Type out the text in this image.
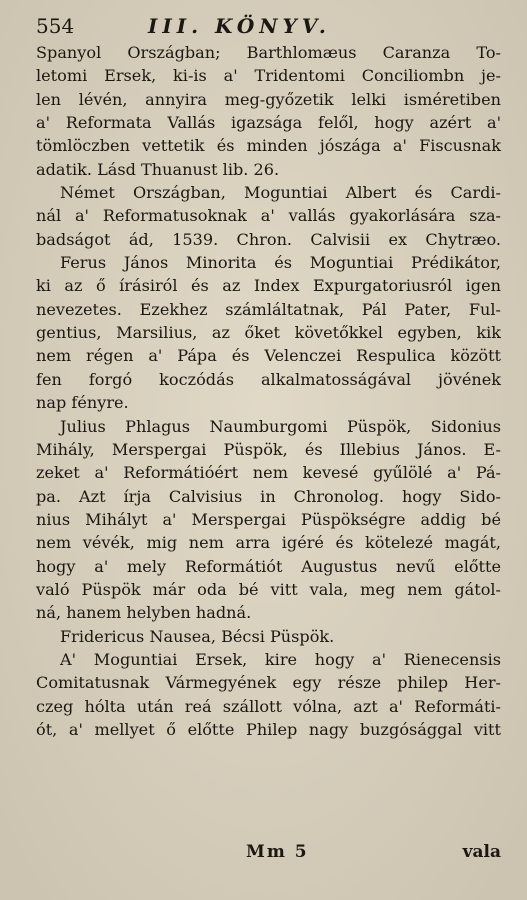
554	III. KÖNYV.
Spanyol Országban; Barthlomæus Caranza To-
letomi Ersek, ki-is a' Tridentomi Conciliombn je-
len lévén, annyira meg-győzetik lelki isméretiben
a' Reformata Vallás igazsága felől, hogy azért a'
tömlöczben vettetik és minden jószága a' Fiscusnak
adatik. Lásd Thuanust lib. 26.
Német Országban, Moguntiai Albert és Cardi-
nál a' Reformatusoknak a' vallás gyakorlására sza-
badságot ád, 1539. Chron. Calvisii ex Chytræo.
Ferus János Minorita és Moguntiai Prédikátor,
ki az ő írásiról és az Index Expurgatoriusról igen
nevezetes. Ezekhez számláltatnak, Pál Pater, Ful-
gentius, Marsilius, az őket követőkkel egyben, kik
nem régen a' Pápa és Velenczei Respulica között
fen forgó koczódás alkalmatosságával jövének
nap fényre.
Julius Phlagus Naumburgomi Püspök, Sidonius
Mihály, Merspergai Püspök, és Illebius János. E-
zeket a' Reformátióért nem kevesé gyűlölé a' Pá-
pa. Azt írja Calvisius in Chronolog. hogy Sido-
nius Mihályt a' Merspergai Püspökségre addig bé
nem vévék, mig nem arra igéré és kötelezé magát,
hogy a' mely Reformátiót Augustus nevű előtte
való Püspök már oda bé vitt vala, meg nem gátol-
ná, hanem helyben hadná.
Fridericus Nausea, Bécsi Püspök.
A' Moguntiai Ersek, kire hogy a' Rienecensis
Comitatusnak Vármegyének egy része philep Her-
czeg hólta után reá szállott vólna, azt a' Reformáti-
ót, a' mellyet ő előtte Philep nagy buzgósággal vitt
Mm 5	vala
